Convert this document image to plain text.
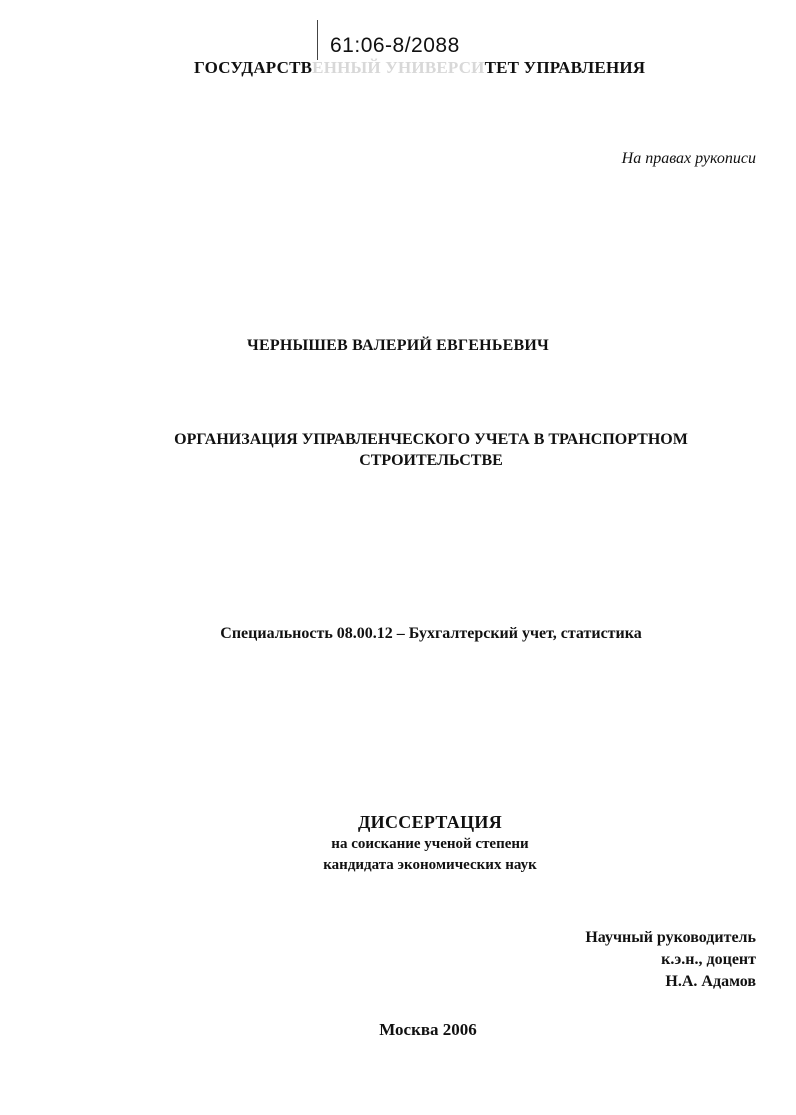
61:06-8/2088
ГОСУДАРСТВЕННЫЙ УНИВЕРСИТЕТ УПРАВЛЕНИЯ
На правах рукописи
ЧЕРНЫШЕВ ВАЛЕРИЙ ЕВГЕНЬЕВИЧ
ОРГАНИЗАЦИЯ УПРАВЛЕНЧЕСКОГО УЧЕТА В ТРАНСПОРТНОМ
СТРОИТЕЛЬСТВЕ
Специальность 08.00.12 – Бухгалтерский учет, статистика
ДИССЕРТАЦИЯ
на соискание ученой степени
кандидата экономических наук
Научный руководитель
к.э.н., доцент
Н.А. Адамов
Москва 2006
